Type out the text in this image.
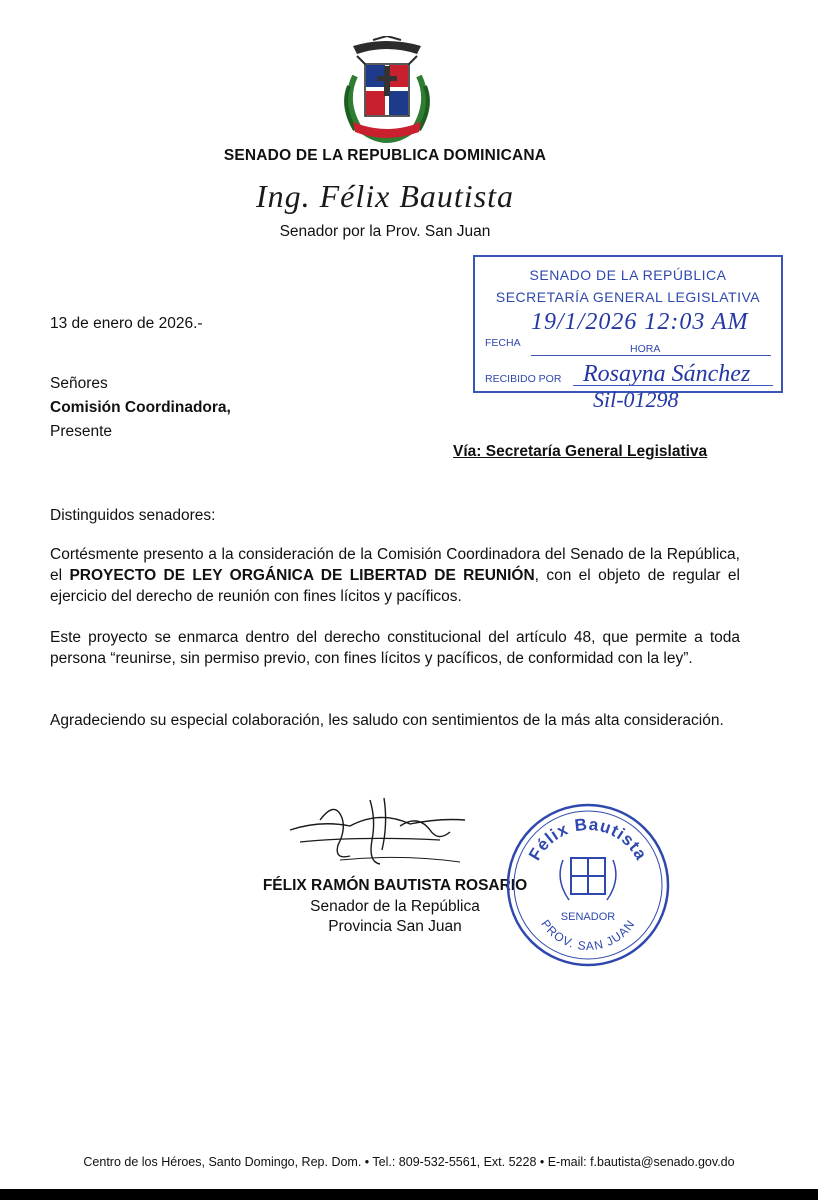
SENADO DE LA REPUBLICA DOMINICANA
Ing. Félix Bautista
Senador por la Prov. San Juan
SENADO DE LA REPÚBLICA
SECRETARÍA GENERAL LEGISLATIVA
19/1/2026 12:03 AM
FECHA	HORA
RECIBIDO POR Rosayna Sánchez
Sil-01298
13 de enero de 2026.-
Señores
Comisión Coordinadora,
Presente
Vía: Secretaría General Legislativa
Distinguidos senadores:
Cortésmente presento a la consideración de la Comisión Coordinadora del Senado de la República, el PROYECTO DE LEY ORGÁNICA DE LIBERTAD DE REUNIÓN, con el objeto de regular el ejercicio del derecho de reunión con fines lícitos y pacíficos.
Este proyecto se enmarca dentro del derecho constitucional del artículo 48, que permite a toda persona “reunirse, sin permiso previo, con fines lícitos y pacíficos, de conformidad con la ley”.
Agradeciendo su especial colaboración, les saludo con sentimientos de la más alta consideración.
FÉLIX RAMÓN BAUTISTA ROSARIO
Senador de la República
Provincia San Juan
Félix Bautista
SENADOR
PROV. SAN JUAN
Centro de los Héroes, Santo Domingo, Rep. Dom. • Tel.: 809-532-5561, Ext. 5228 • E-mail: f.bautista@senado.gov.do
